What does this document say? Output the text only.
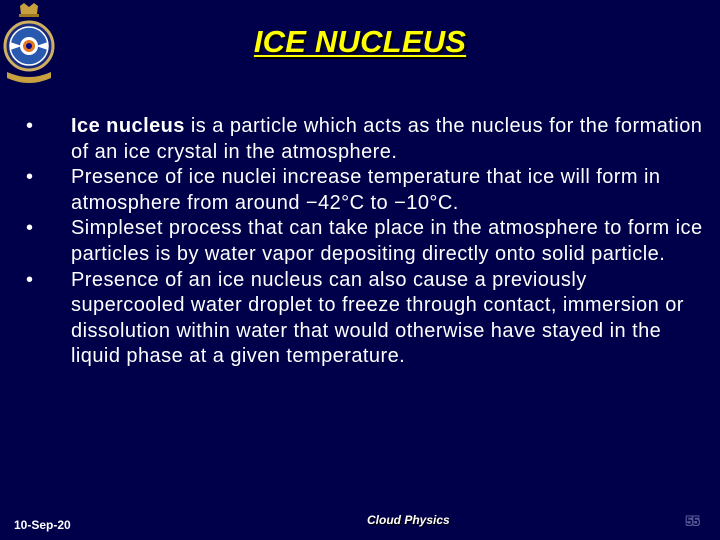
ICE NUCLEUS
•	Ice nucleus is a particle which acts as the nucleus for the formation of an ice crystal in the atmosphere.
•	Presence of ice nuclei increase temperature that ice will form in atmosphere from around −42°C to −10°C.
•	Simpleset process that can take place in the atmosphere to form ice particles is by water vapor depositing directly onto solid particle.
•	Presence of an ice nucleus can also cause a previously supercooled water droplet to freeze through contact, immersion or dissolution within water that would otherwise have stayed in the liquid phase at a given temperature.
10-Sep-20	Cloud Physics	55
